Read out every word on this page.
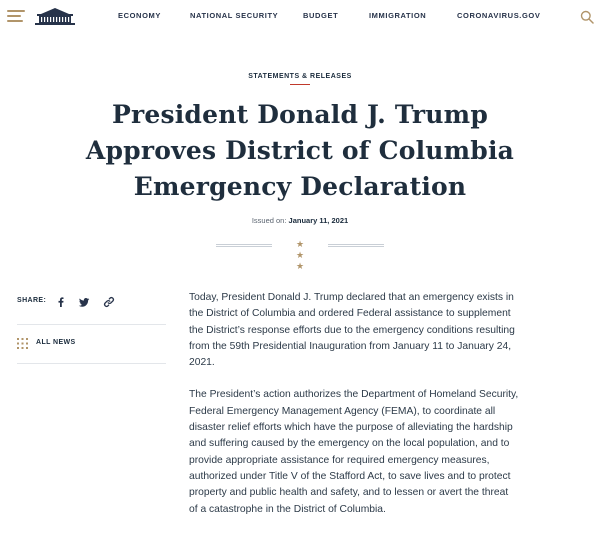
ECONOMY	NATIONAL SECURITY	BUDGET	IMMIGRATION	CORONAVIRUS.GOV
STATEMENTS & RELEASES
President Donald J. Trump Approves District of Columbia Emergency Declaration
Issued on: January 11, 2021
★ ★ ★
SHARE:
ALL NEWS

Today, President Donald J. Trump declared that an emergency exists in the District of Columbia and ordered Federal assistance to supplement the District’s response efforts due to the emergency conditions resulting from the 59th Presidential Inauguration from January 11 to January 24, 2021.

The President’s action authorizes the Department of Homeland Security, Federal Emergency Management Agency (FEMA), to coordinate all disaster relief efforts which have the purpose of alleviating the hardship and suffering caused by the emergency on the local population, and to provide appropriate assistance for required emergency measures, authorized under Title V of the Stafford Act, to save lives and to protect property and public health and safety, and to lessen or avert the threat of a catastrophe in the District of Columbia.
